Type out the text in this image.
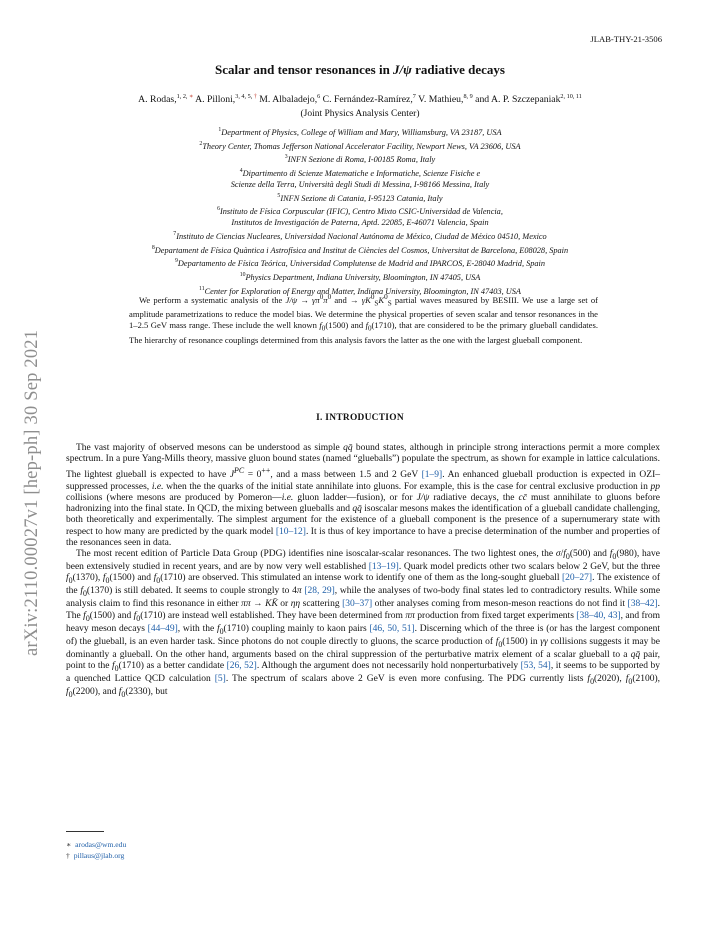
JLAB-THY-21-3506
arXiv:2110.00027v1 [hep-ph] 30 Sep 2021
Scalar and tensor resonances in J/ψ radiative decays
A. Rodas,$^{1, 2, ∗}$ A. Pilloni,$^{3, 4, 5, \dagger}$ M. Albaladejo,$^6$ C. Fernández-Ramírez,$^7$ V. Mathieu,$^{8, 9}$ and A. P. Szczepaniak$^{2, 10, 11}$
(Joint Physics Analysis Center)
$^1$Department of Physics, College of William and Mary, Williamsburg, VA 23187, USA
$^2$Theory Center, Thomas Jefferson National Accelerator Facility, Newport News, VA 23606, USA
$^3$INFN Sezione di Roma, I-00185 Roma, Italy
$^4$Dipartimento di Scienze Matematiche e Informatiche, Scienze Fisiche e
Scienze della Terra, Università degli Studi di Messina, I-98166 Messina, Italy
$^5$INFN Sezione di Catania, I-95123 Catania, Italy
$^6$Instituto de Física Corpuscular (IFIC), Centro Mixto CSIC-Universidad de Valencia,
Institutos de Investigación de Paterna, Aptd. 22085, E-46071 Valencia, Spain
$^7$Instituto de Ciencias Nucleares, Universidad Nacional Autónoma de México, Ciudad de México 04510, Mexico
$^8$Departament de Física Quàntica i Astrofísica and Institut de Ciències del Cosmos, Universitat de Barcelona, E08028, Spain
$^9$Departamento de Física Teórica, Universidad Complutense de Madrid and IPARCOS, E-28040 Madrid, Spain
$^{10}$Physics Department, Indiana University, Bloomington, IN 47405, USA
$^{11}$Center for Exploration of Energy and Matter, Indiana University, Bloomington, IN 47403, USA
We perform a systematic analysis of the $J/\psi \to \gamma\pi^0\pi^0$ and → $\gamma K^0_SK^0_S$ partial waves measured by BESIII. We use a large set of amplitude parametrizations to reduce the model bias. We determine the physical properties of seven scalar and tensor resonances in the 1–2.5 GeV mass range. These include the well known $f_0(1500)$ and $f_0(1710)$, that are considered to be the primary glueball candidates. The hierarchy of resonance couplings determined from this analysis favors the latter as the one with the largest glueball component.
I. INTRODUCTION

The vast majority of observed mesons can be understood as simple qq̄ bound states, although in principle strong interactions permit a more complex spectrum. In a pure Yang-Mills theory, massive gluon bound states (named “glueballs”) populate the spectrum, as shown for example in lattice calculations. The lightest glueball is expected to have $J^{PC} = 0^{++}$, and a mass between 1.5 and 2 GeV [1–9]. An enhanced glueball production is expected in OZI–suppressed processes, i.e. when the the quarks of the initial state annihilate into gluons. For example, this is the case for central exclusive production in pp collisions (where mesons are produced by Pomeron—i.e. gluon ladder—fusion), or for J/ψ radiative decays, the cc̄ must annihilate to gluons before hadronizing into the final state. In QCD, the mixing between glueballs and qq̄ isoscalar mesons makes the identification of a glueball candidate challenging, both theoretically and experimentally. The simplest argument for the existence of a glueball component is the presence of a supernumerary state with respect to how many are predicted by the quark model [10–12]. It is thus of key importance to have a precise determination of the number and properties of the resonances seen in data.

The most recent edition of Particle Data Group (PDG) identifies nine isoscalar-scalar resonances. The two lightest ones, the $\sigma/f_0(500)$ and $f_0(980)$, have been extensively studied in recent years, and are by now very well established [13–19]. Quark model predicts other two scalars below 2 GeV, but the three $f_0(1370)$, $f_0(1500)$ and $f_0(1710)$ are observed. This stimulated an intense work to identify one of them as the long-sought glueball [20–27]. The existence of the $f_0(1370)$ is still debated. It seems to couple strongly to 4π [28, 29], while the analyses of two-body final states led to contradictory results. While some analysis claim to find this resonance in either ππ → KK̄ or ηη scattering [30–37] other analyses coming from meson-meson reactions do not find it [38–42]. The $f_0(1500)$ and $f_0(1710)$ are instead well established. They have been determined from ππ production from fixed target experiments [38–40, 43], and from heavy meson decays [44–49], with the $f_0(1710)$ coupling mainly to kaon pairs [46, 50, 51]. Discerning which of the three is (or has the largest component of) the glueball, is an even harder task. Since photons do not couple directly to gluons, the scarce production of $f_0(1500)$ in γγ collisions suggests it may be dominantly a glueball. On the other hand, arguments based on the chiral suppression of the perturbative matrix element of a scalar glueball to a qq̄ pair, point to the $f_0(1710)$ as a better candidate [26, 52]. Although the argument does not necessarily hold nonperturbatively [53, 54], it seems to be supported by a quenched Lattice QCD calculation [5]. The spectrum of scalars above 2 GeV is even more confusing. The PDG currently lists $f_0(2020)$, $f_0(2100)$, $f_0(2200)$, and $f_0(2330)$, but

∗ arodas@wm.edu
† pillaus@jlab.org
